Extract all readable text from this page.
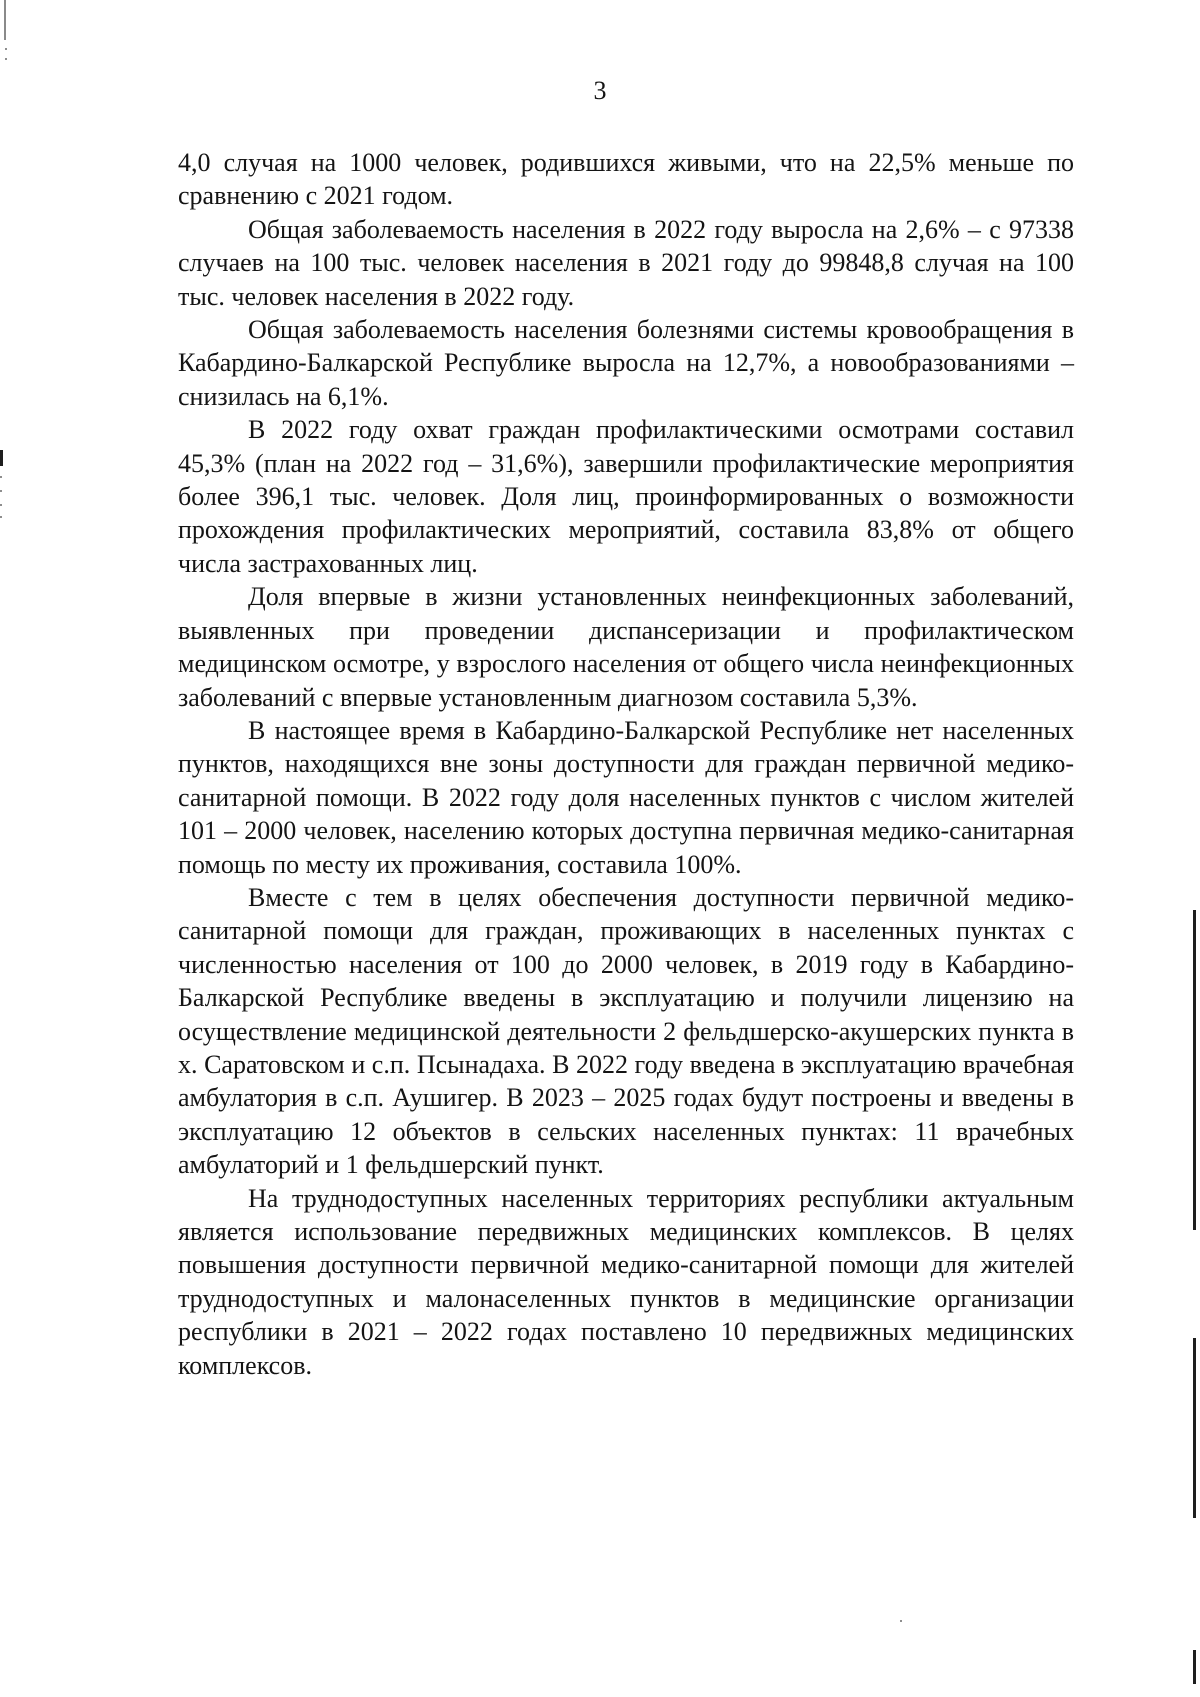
3

4,0 случая на 1000 человек, родившихся живыми, что на 22,5% меньше по сравнению с 2021 годом.

Общая заболеваемость населения в 2022 году выросла на 2,6% – с 97338 случаев на 100 тыс. человек населения в 2021 году до 99848,8 случая на 100 тыс. человек населения в 2022 году.

Общая заболеваемость населения болезнями системы кровообращения в Кабардино-Балкарской Республике выросла на 12,7%, а новообразованиями – снизилась на 6,1%.

В 2022 году охват граждан профилактическими осмотрами составил 45,3% (план на 2022 год – 31,6%), завершили профилактические мероприятия более 396,1 тыс. человек. Доля лиц, проинформированных о возможности прохождения профилактических мероприятий, составила 83,8% от общего числа застрахованных лиц.

Доля впервые в жизни установленных неинфекционных заболеваний, выявленных при проведении диспансеризации и профилактическом медицинском осмотре, у взрослого населения от общего числа неинфекционных заболеваний с впервые установленным диагнозом составила 5,3%.

В настоящее время в Кабардино-Балкарской Республике нет населенных пунктов, находящихся вне зоны доступности для граждан первичной медико-санитарной помощи. В 2022 году доля населенных пунктов с числом жителей 101 – 2000 человек, населению которых доступна первичная медико-санитарная помощь по месту их проживания, составила 100%.

Вместе с тем в целях обеспечения доступности первичной медико-санитарной помощи для граждан, проживающих в населенных пунктах с численностью населения от 100 до 2000 человек, в 2019 году в Кабардино-Балкарской Республике введены в эксплуатацию и получили лицензию на осуществление медицинской деятельности 2 фельдшерско-акушерских пункта в х. Саратовском и с.п. Псынадаха. В 2022 году введена в эксплуатацию врачебная амбулатория в с.п. Аушигер. В 2023 – 2025 годах будут построены и введены в эксплуатацию 12 объектов в сельских населенных пунктах: 11 врачебных амбулаторий и 1 фельдшерский пункт.

На труднодоступных населенных территориях республики актуальным является использование передвижных медицинских комплексов. В целях повышения доступности первичной медико-санитарной помощи для жителей труднодоступных и малонаселенных пунктов в медицинские организации республики в 2021 – 2022 годах поставлено 10 передвижных медицинских комплексов.
